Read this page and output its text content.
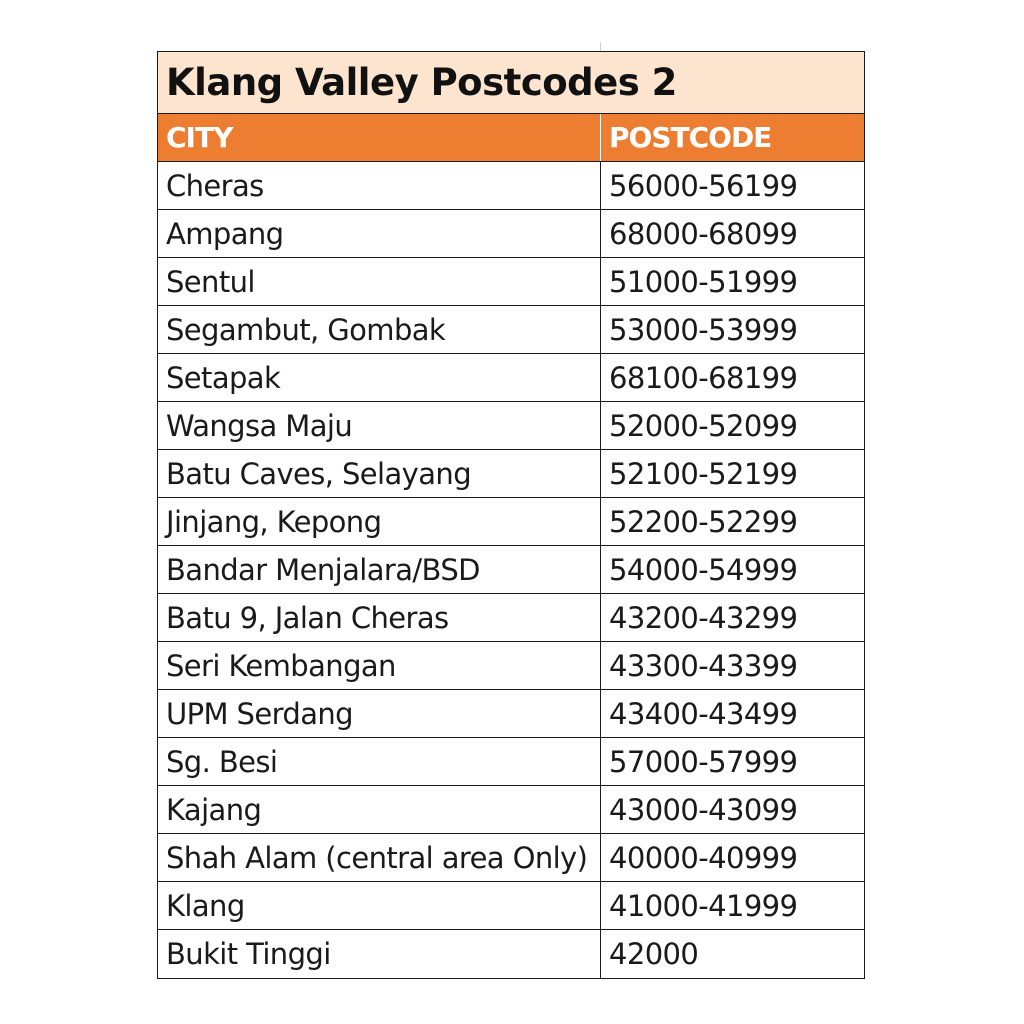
Klang Valley Postcodes 2
CITY	POSTCODE
Cheras	56000-56199
Ampang	68000-68099
Sentul	51000-51999
Segambut, Gombak	53000-53999
Setapak	68100-68199
Wangsa Maju	52000-52099
Batu Caves, Selayang	52100-52199
Jinjang, Kepong	52200-52299
Bandar Menjalara/BSD	54000-54999
Batu 9, Jalan Cheras	43200-43299
Seri Kembangan	43300-43399
UPM Serdang	43400-43499
Sg. Besi	57000-57999
Kajang	43000-43099
Shah Alam (central area Only) 40000-40999
Klang	41000-41999
Bukit Tinggi	42000
